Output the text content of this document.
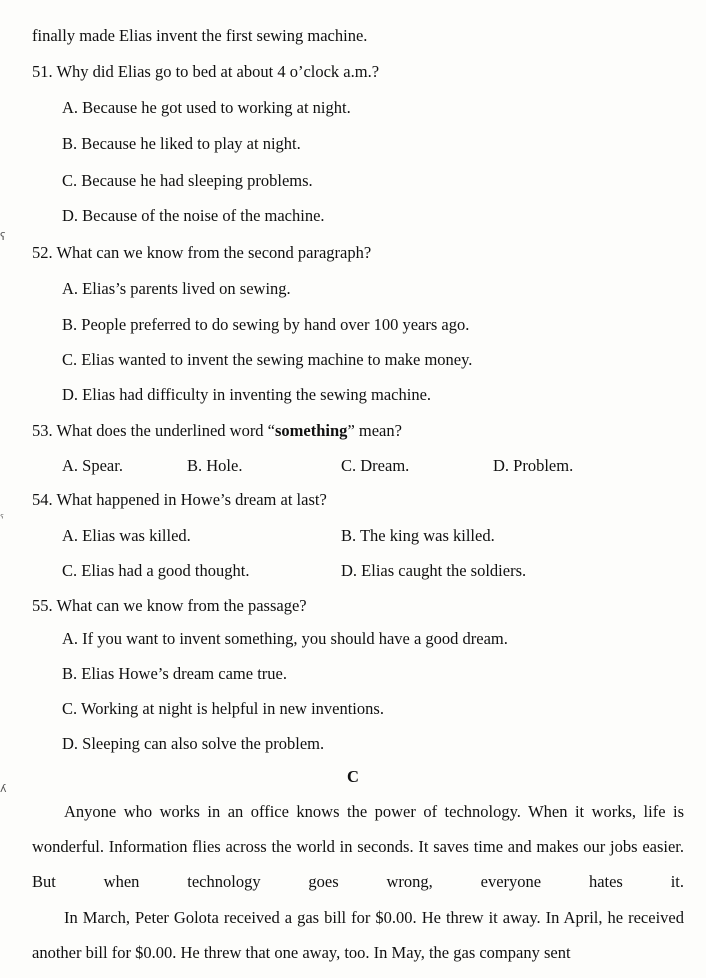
ʕ
ˁ
ʎ
finally made Elias invent the first sewing machine.
51. Why did Elias go to bed at about 4 o’clock a.m.?
A. Because he got used to working at night.
B. Because he liked to play at night.
C. Because he had sleeping problems.
D. Because of the noise of the machine.
52. What can we know from the second paragraph?
A. Elias’s parents lived on sewing.
B. People preferred to do sewing by hand over 100 years ago.
C. Elias wanted to invent the sewing machine to make money.
D. Elias had difficulty in inventing the sewing machine.
53. What does the underlined word “something” mean?
A. Spear.	B. Hole.	C. Dream.	D. Problem.
54. What happened in Howe’s dream at last?
A. Elias was killed.	B. The king was killed.
C. Elias had a good thought.	D. Elias caught the soldiers.
55. What can we know from the passage?
A. If you want to invent something, you should have a good dream.
B. Elias Howe’s dream came true.
C. Working at night is helpful in new inventions.
D. Sleeping can also solve the problem.
C
Anyone who works in an office knows the power of technology. When it works, life is wonderful. Information flies across the world in seconds. It saves time and makes our jobs easier. But when technology goes wrong, everyone hates it.
In March, Peter Golota received a gas bill for $0.00. He threw it away. In April, he received another bill for $0.00. He threw that one away, too. In May, the gas company sent
